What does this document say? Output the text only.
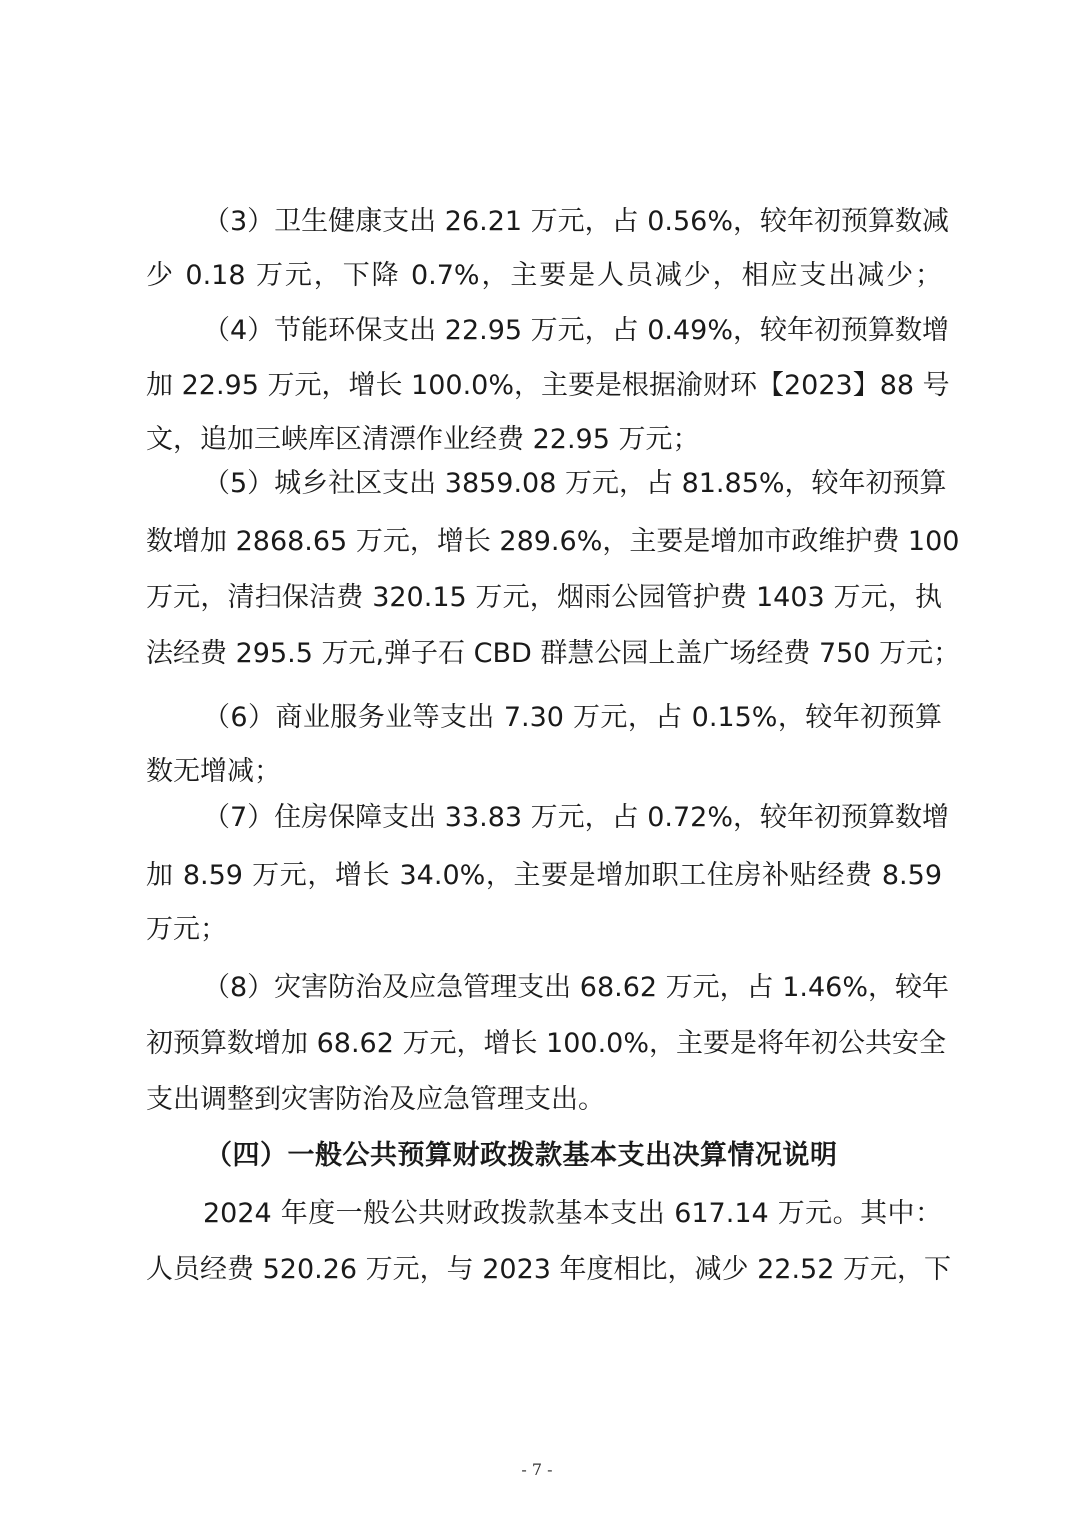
（3）卫生健康支出 26.21 万元，占 0.56%，较年初预算数减
少 0.18 万元，下降 0.7%，主要是人员减少，相应支出减少；
（4）节能环保支出 22.95 万元，占 0.49%，较年初预算数增
加 22.95 万元，增长 100.0%，主要是根据渝财环【2023】88 号
文，追加三峡库区清漂作业经费 22.95 万元；
（5）城乡社区支出 3859.08 万元，占 81.85%，较年初预算
数增加 2868.65 万元，增长 289.6%，主要是增加市政维护费 100
万元，清扫保洁费 320.15 万元，烟雨公园管护费 1403 万元，执
法经费 295.5 万元,弹子石 CBD 群慧公园上盖广场经费 750 万元；
（6）商业服务业等支出 7.30 万元，占 0.15%，较年初预算
数无增减；
（7）住房保障支出 33.83 万元，占 0.72%，较年初预算数增
加 8.59 万元，增长 34.0%，主要是增加职工住房补贴经费 8.59
万元；
（8）灾害防治及应急管理支出 68.62 万元，占 1.46%，较年
初预算数增加 68.62 万元，增长 100.0%，主要是将年初公共安全
支出调整到灾害防治及应急管理支出。
（四）一般公共预算财政拨款基本支出决算情况说明
2024 年度一般公共财政拨款基本支出 617.14 万元。其中：
人员经费 520.26 万元，与 2023 年度相比，减少 22.52 万元，下
- 7 -
